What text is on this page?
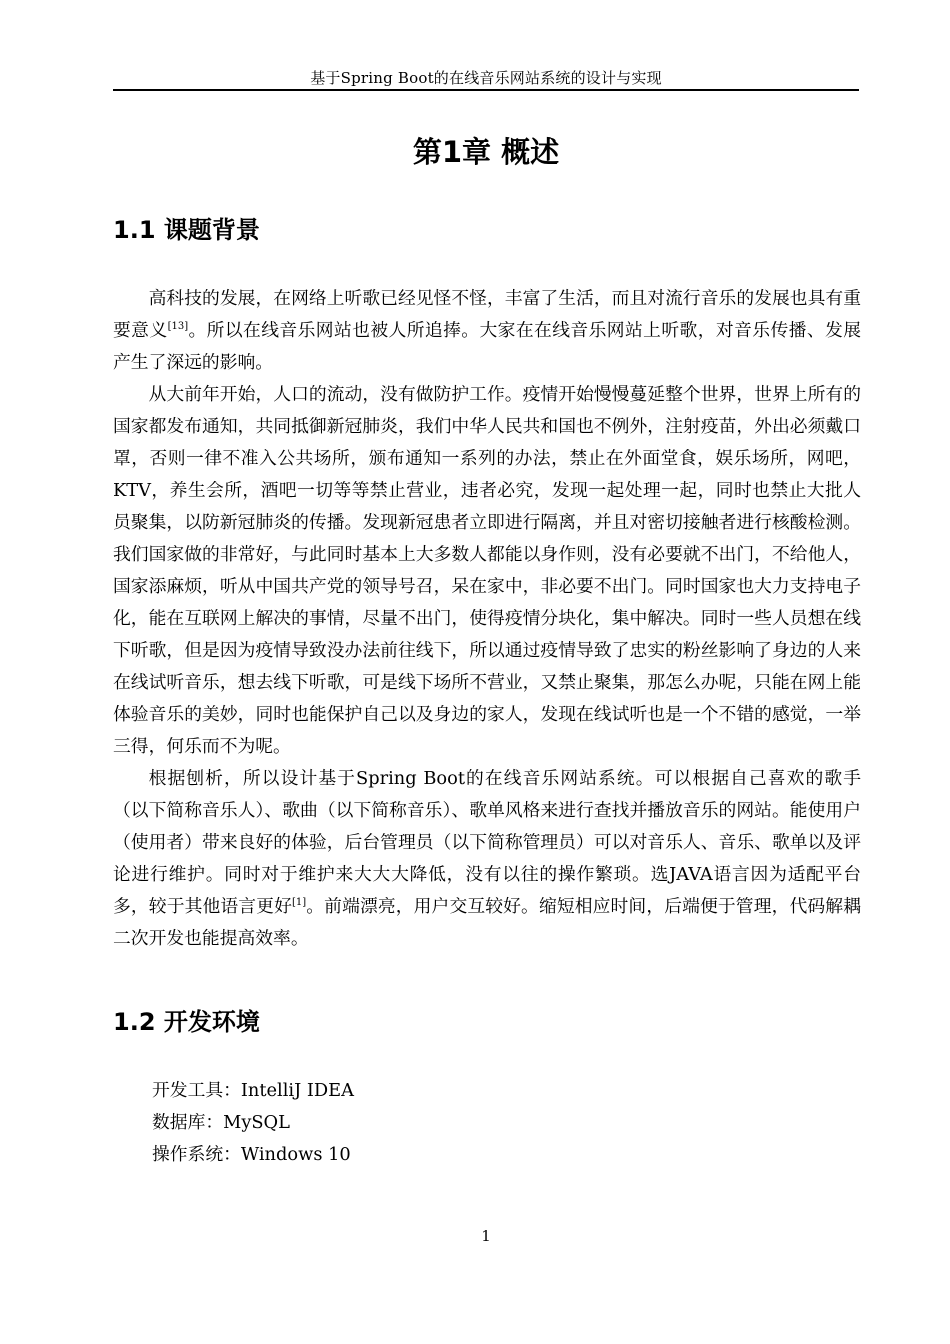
基于Spring Boot的在线音乐网站系统的设计与实现
第1章 概述
1.1 课题背景

高科技的发展，在网络上听歌已经见怪不怪，丰富了生活，而且对流行音乐的发展也具有重要意义[13]。所以在线音乐网站也被人所追捧。大家在在线音乐网站上听歌，对音乐传播、发展产生了深远的影响。

从大前年开始，人口的流动，没有做防护工作。疫情开始慢慢蔓延整个世界，世界上所有的国家都发布通知，共同抵御新冠肺炎，我们中华人民共和国也不例外，注射疫苗，外出必须戴口罩，否则一律不准入公共场所，颁布通知一系列的办法，禁止在外面堂食，娱乐场所，网吧，KTV，养生会所，酒吧一切等等禁止营业，违者必究，发现一起处理一起，同时也禁止大批人员聚集，以防新冠肺炎的传播。发现新冠患者立即进行隔离，并且对密切接触者进行核酸检测。我们国家做的非常好，与此同时基本上大多数人都能以身作则，没有必要就不出门，不给他人，国家添麻烦，听从中国共产党的领导号召，呆在家中，非必要不出门。同时国家也大力支持电子化，能在互联网上解决的事情，尽量不出门，使得疫情分块化，集中解决。同时一些人员想在线下听歌，但是因为疫情导致没办法前往线下，所以通过疫情导致了忠实的粉丝影响了身边的人来在线试听音乐，想去线下听歌，可是线下场所不营业，又禁止聚集，那怎么办呢，只能在网上能体验音乐的美妙，同时也能保护自己以及身边的家人，发现在线试听也是一个不错的感觉，一举三得，何乐而不为呢。

根据刨析，所以设计基于Spring Boot的在线音乐网站系统。可以根据自己喜欢的歌手（以下简称音乐人）、歌曲（以下简称音乐）、歌单风格来进行查找并播放音乐的网站。能使用户（使用者）带来良好的体验，后台管理员（以下简称管理员）可以对音乐人、音乐、歌单以及评论进行维护。同时对于维护来大大大降低，没有以往的操作繁琐。选JAVA语言因为适配平台多，较于其他语言更好[1]。前端漂亮，用户交互较好。缩短相应时间，后端便于管理，代码解耦二次开发也能提高效率。

1.2 开发环境
开发工具：IntelliJ IDEA
数据库：MySQL
操作系统：Windows 10
1
